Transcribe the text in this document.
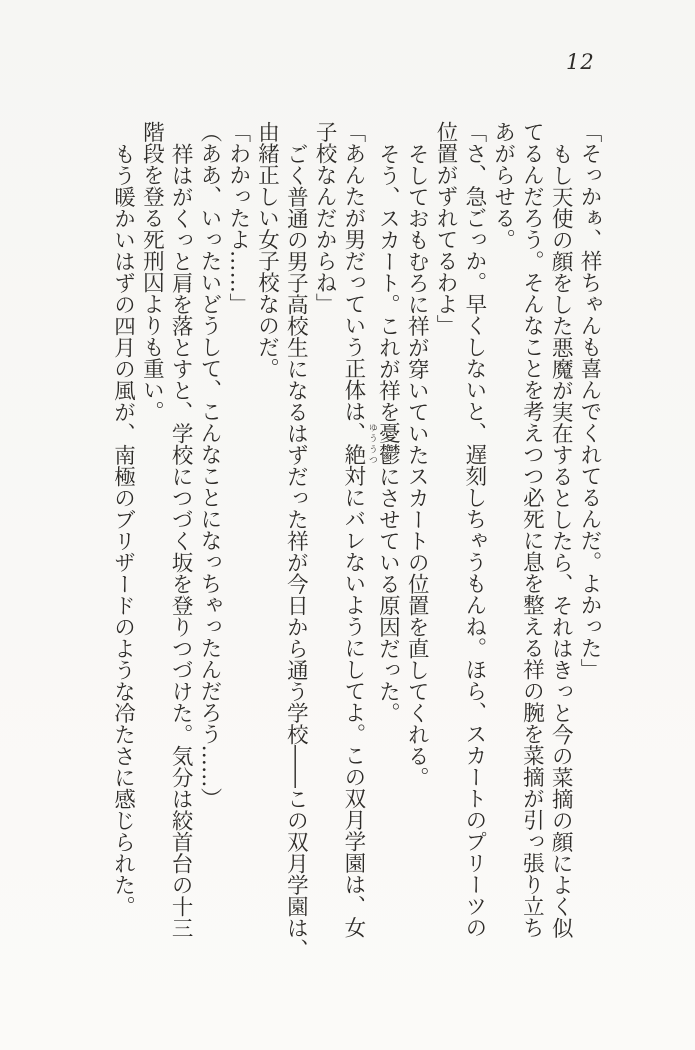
12
「そっかぁ、祥ちゃんも喜んでくれてるんだ。よかった」
もし天使の顔をした悪魔が実在するとしたら、それはきっと今の菜摘の顔によく似
てるんだろう。そんなことを考えつつ必死に息を整える祥の腕を菜摘が引っ張り立ち
あがらせる。
「さ、急ごっか。早くしないと、遅刻しちゃうもんね。ほら、スカートのプリーツの
位置がずれてるわよ」
そしておもむろに祥が穿いていたスカートの位置を直してくれる。
そう、スカート。これが祥を憂鬱ゆううつにさせている原因だった。
「あんたが男だっていう正体は、絶対にバレないようにしてよ。この双月学園は、女
子校なんだからね」
ごく普通の男子高校生になるはずだった祥が今日から通う学校――この双月学園は、
由緒正しい女子校なのだ。
「わかったよ……」
（ああ、いったいどうして、こんなことになっちゃったんだろう……）
祥はがくっと肩を落とすと、学校につづく坂を登りつづけた。気分は絞首台の十三
階段を登る死刑囚よりも重い。
もう暖かいはずの四月の風が、南極のブリザードのような冷たさに感じられた。
